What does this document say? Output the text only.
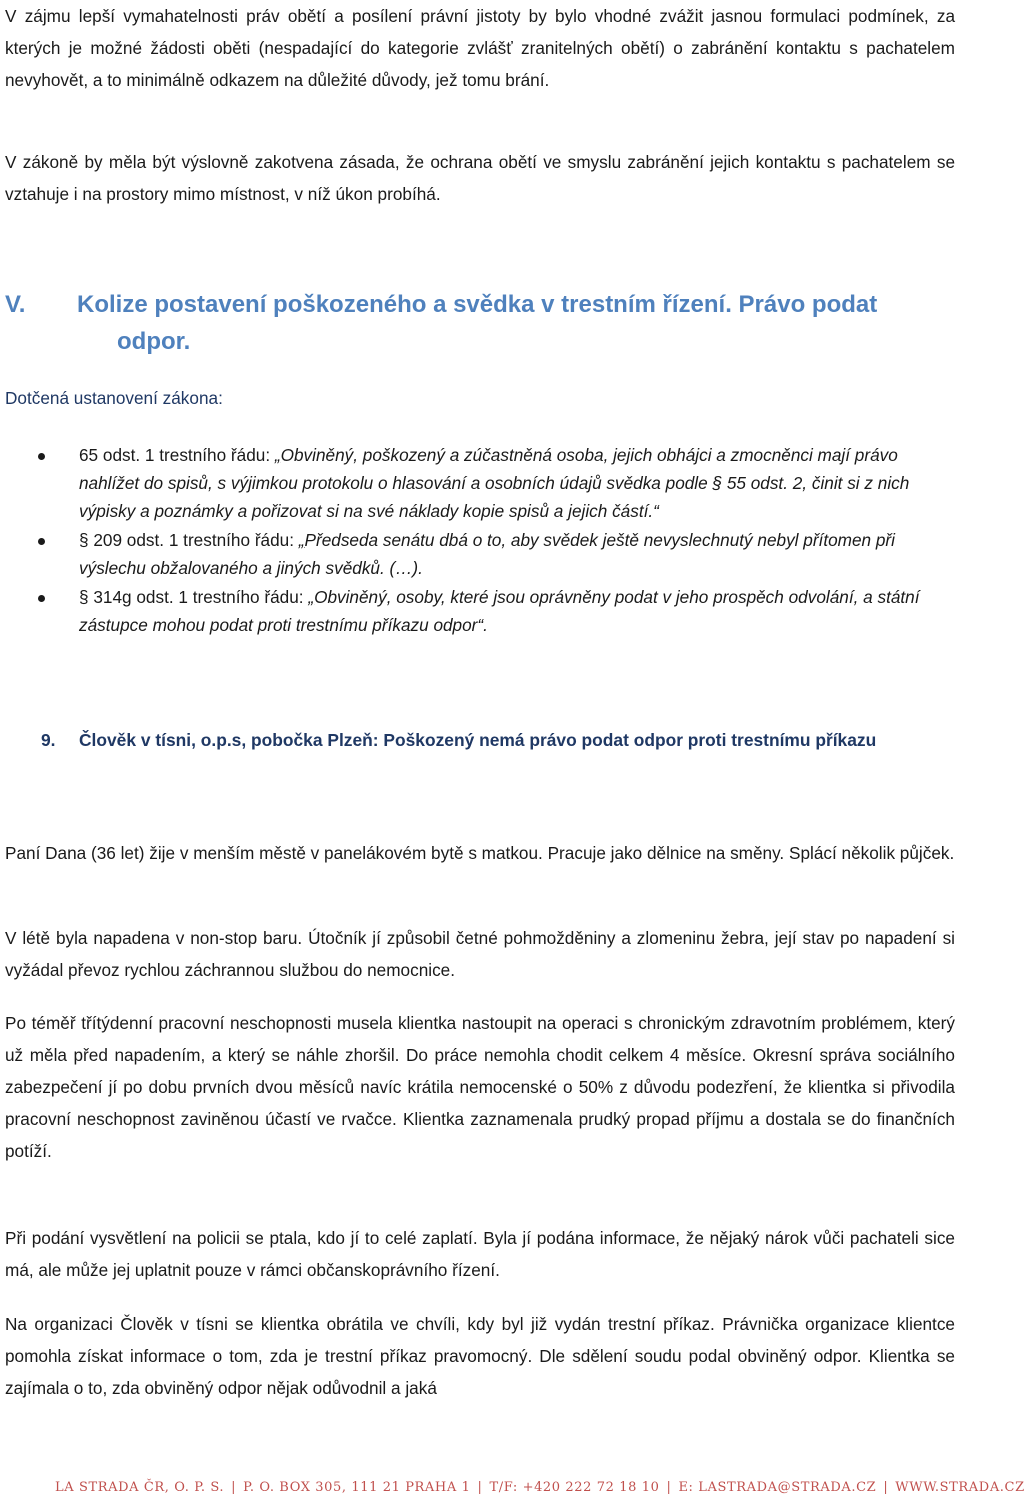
V zájmu lepší vymahatelnosti práv obětí a posílení právní jistoty by bylo vhodné zvážit jasnou formulaci podmínek, za kterých je možné žádosti oběti (nespadající do kategorie zvlášť zranitelných obětí) o zabránění kontaktu s pachatelem nevyhovět, a to minimálně odkazem na důležité důvody, jež tomu brání.

V zákoně by měla být výslovně zakotvena zásada, že ochrana obětí ve smyslu zabránění jejich kontaktu s pachatelem se vztahuje i na prostory mimo místnost, v níž úkon probíhá.

V. Kolize postavení poškozeného a svědka v trestním řízení. Právo podat
odpor.
Dotčená ustanovení zákona:
65 odst. 1 trestního řádu: „Obviněný, poškozený a zúčastněná osoba, jejich obhájci a zmocněnci mají právo nahlížet do spisů, s výjimkou protokolu o hlasování a osobních údajů svědka podle § 55 odst. 2, činit si z nich výpisky a poznámky a pořizovat si na své náklady kopie spisů a jejich částí.“
§ 209 odst. 1 trestního řádu: „Předseda senátu dbá o to, aby svědek ještě nevyslechnutý nebyl přítomen při výslechu obžalovaného a jiných svědků. (…).
§ 314g odst. 1 trestního řádu: „Obviněný, osoby, které jsou oprávněny podat v jeho prospěch odvolání, a státní zástupce mohou podat proti trestnímu příkazu odpor“.
9.	Člověk v tísni, o.p.s, pobočka Plzeň: Poškozený nemá právo podat odpor proti trestnímu příkazu

Paní Dana (36 let) žije v menším městě v panelákovém bytě s matkou. Pracuje jako dělnice na směny. Splácí několik půjček.

V létě byla napadena v non-stop baru. Útočník jí způsobil četné pohmožděniny a zlomeninu žebra, její stav po napadení si vyžádal převoz rychlou záchrannou službou do nemocnice.

Po téměř třítýdenní pracovní neschopnosti musela klientka nastoupit na operaci s chronickým zdravotním problémem, který už měla před napadením, a který se náhle zhoršil. Do práce nemohla chodit celkem 4 měsíce. Okresní správa sociálního zabezpečení jí po dobu prvních dvou měsíců navíc krátila nemocenské o 50% z důvodu podezření, že klientka si přivodila pracovní neschopnost zaviněnou účastí ve rvačce. Klientka zaznamenala prudký propad příjmu a dostala se do finančních potíží.

Při podání vysvětlení na policii se ptala, kdo jí to celé zaplatí. Byla jí podána informace, že nějaký nárok vůči pachateli sice má, ale může jej uplatnit pouze v rámci občanskoprávního řízení.

Na organizaci Člověk v tísni se klientka obrátila ve chvíli, kdy byl již vydán trestní příkaz. Právnička organizace klientce pomohla získat informace o tom, zda je trestní příkaz pravomocný. Dle sdělení soudu podal obviněný odpor. Klientka se zajímala o to, zda obviněný odpor nějak odůvodnil a jaká

LA STRADA ČR, O. P. S. | P. O. BOX 305, 111 21 PRAHA 1 | T/F: +420 222 72 18 10 | E: LASTRADA@STRADA.CZ | WWW.STRADA.CZ
